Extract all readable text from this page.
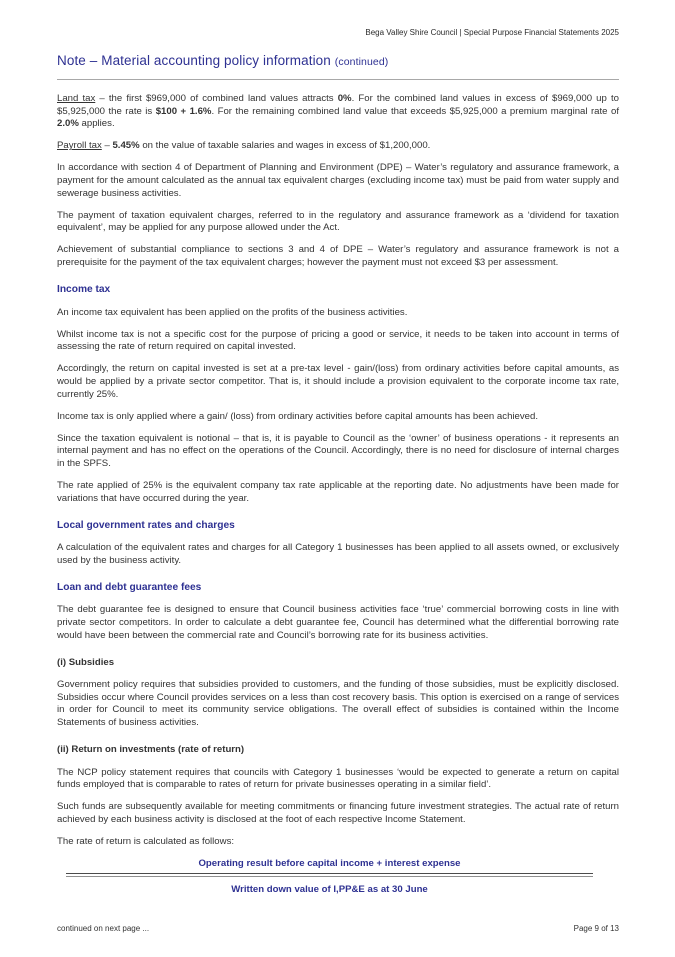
Bega Valley Shire Council | Special Purpose Financial Statements 2025
Note – Material accounting policy information (continued)

Land tax – the first $969,000 of combined land values attracts 0%. For the combined land values in excess of $969,000 up to $5,925,000 the rate is $100 + 1.6%. For the remaining combined land value that exceeds $5,925,000 a premium marginal rate of 2.0% applies.

Payroll tax – 5.45% on the value of taxable salaries and wages in excess of $1,200,000.

In accordance with section 4 of Department of Planning and Environment (DPE) – Water’s regulatory and assurance framework, a payment for the amount calculated as the annual tax equivalent charges (excluding income tax) must be paid from water supply and sewerage business activities.

The payment of taxation equivalent charges, referred to in the regulatory and assurance framework as a ‘dividend for taxation equivalent’, may be applied for any purpose allowed under the Act.

Achievement of substantial compliance to sections 3 and 4 of DPE – Water’s regulatory and assurance framework is not a prerequisite for the payment of the tax equivalent charges; however the payment must not exceed $3 per assessment.

Income tax

An income tax equivalent has been applied on the profits of the business activities.

Whilst income tax is not a specific cost for the purpose of pricing a good or service, it needs to be taken into account in terms of assessing the rate of return required on capital invested.

Accordingly, the return on capital invested is set at a pre-tax level - gain/(loss) from ordinary activities before capital amounts, as would be applied by a private sector competitor. That is, it should include a provision equivalent to the corporate income tax rate, currently 25%.

Income tax is only applied where a gain/ (loss) from ordinary activities before capital amounts has been achieved.

Since the taxation equivalent is notional – that is, it is payable to Council as the ‘owner’ of business operations - it represents an internal payment and has no effect on the operations of the Council. Accordingly, there is no need for disclosure of internal charges in the SPFS.

The rate applied of 25% is the equivalent company tax rate applicable at the reporting date. No adjustments have been made for variations that have occurred during the year.

Local government rates and charges

A calculation of the equivalent rates and charges for all Category 1 businesses has been applied to all assets owned, or exclusively used by the business activity.

Loan and debt guarantee fees

The debt guarantee fee is designed to ensure that Council business activities face ‘true’ commercial borrowing costs in line with private sector competitors. In order to calculate a debt guarantee fee, Council has determined what the differential borrowing rate would have been between the commercial rate and Council’s borrowing rate for its business activities.

(i) Subsidies

Government policy requires that subsidies provided to customers, and the funding of those subsidies, must be explicitly disclosed. Subsidies occur where Council provides services on a less than cost recovery basis. This option is exercised on a range of services in order for Council to meet its community service obligations. The overall effect of subsidies is contained within the Income Statements of business activities.

(ii) Return on investments (rate of return)

The NCP policy statement requires that councils with Category 1 businesses ‘would be expected to generate a return on capital funds employed that is comparable to rates of return for private businesses operating in a similar field’.

Such funds are subsequently available for meeting commitments or financing future investment strategies. The actual rate of return achieved by each business activity is disclosed at the foot of each respective Income Statement.

The rate of return is calculated as follows:

Operating result before capital income + interest expense
Written down value of I,PP&E as at 30 June
continued on next page ...	Page 9 of 13
